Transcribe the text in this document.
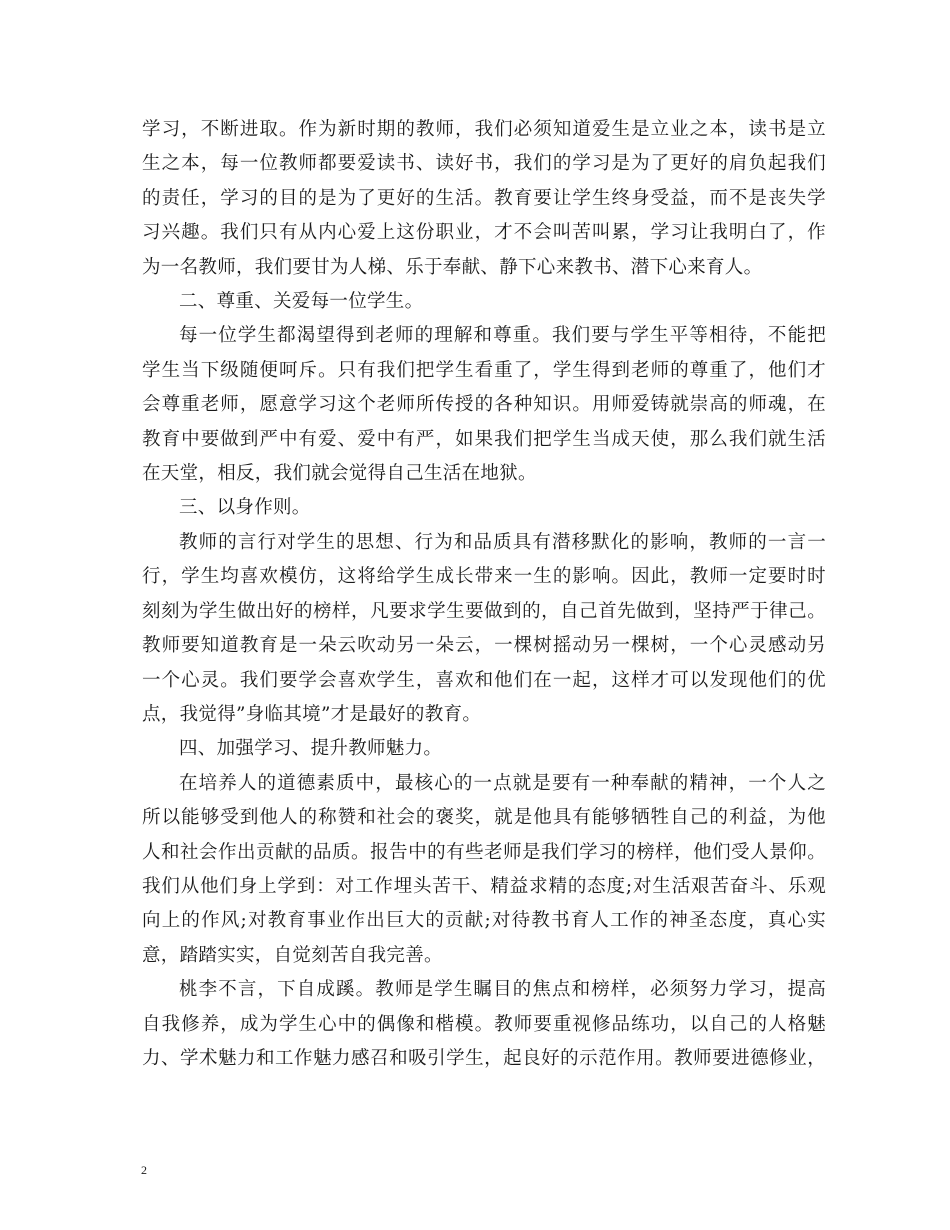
学习，不断进取。作为新时期的教师，我们必须知道爱生是立业之本，读书是立
生之本，每一位教师都要爱读书、读好书，我们的学习是为了更好的肩负起我们
的责任，学习的目的是为了更好的生活。教育要让学生终身受益，而不是丧失学
习兴趣。我们只有从内心爱上这份职业，才不会叫苦叫累，学习让我明白了，作
为一名教师，我们要甘为人梯、乐于奉献、静下心来教书、潜下心来育人。
二、尊重、关爱每一位学生。
每一位学生都渴望得到老师的理解和尊重。我们要与学生平等相待，不能把
学生当下级随便呵斥。只有我们把学生看重了，学生得到老师的尊重了，他们才
会尊重老师，愿意学习这个老师所传授的各种知识。用师爱铸就崇高的师魂，在
教育中要做到严中有爱、爱中有严，如果我们把学生当成天使，那么我们就生活
在天堂，相反，我们就会觉得自己生活在地狱。
三、以身作则。
教师的言行对学生的思想、行为和品质具有潜移默化的影响，教师的一言一
行，学生均喜欢模仿，这将给学生成长带来一生的影响。因此，教师一定要时时
刻刻为学生做出好的榜样，凡要求学生要做到的，自己首先做到，坚持严于律己。
教师要知道教育是一朵云吹动另一朵云，一棵树摇动另一棵树，一个心灵感动另
一个心灵。我们要学会喜欢学生，喜欢和他们在一起，这样才可以发现他们的优
点，我觉得”身临其境”才是最好的教育。
四、加强学习、提升教师魅力。
在培养人的道德素质中，最核心的一点就是要有一种奉献的精神，一个人之
所以能够受到他人的称赞和社会的褒奖，就是他具有能够牺牲自己的利益，为他
人和社会作出贡献的品质。报告中的有些老师是我们学习的榜样，他们受人景仰。
我们从他们身上学到：对工作埋头苦干、精益求精的态度;对生活艰苦奋斗、乐观
向上的作风;对教育事业作出巨大的贡献;对待教书育人工作的神圣态度，真心实
意，踏踏实实，自觉刻苦自我完善。
桃李不言，下自成蹊。教师是学生瞩目的焦点和榜样，必须努力学习，提高
自我修养，成为学生心中的偶像和楷模。教师要重视修品练功，以自己的人格魅
力、学术魅力和工作魅力感召和吸引学生，起良好的示范作用。教师要进德修业，
2
